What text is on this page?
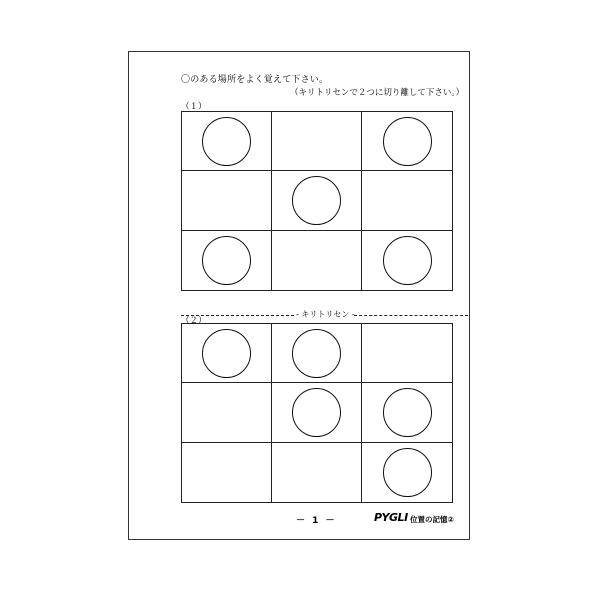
〇のある場所をよく覚えて下さい。
（キリトリセンで２つに切り離して下さい。）
（１）
- キリトリセン -
（２）
－ 1 －	PYGLI 位置の記憶②
